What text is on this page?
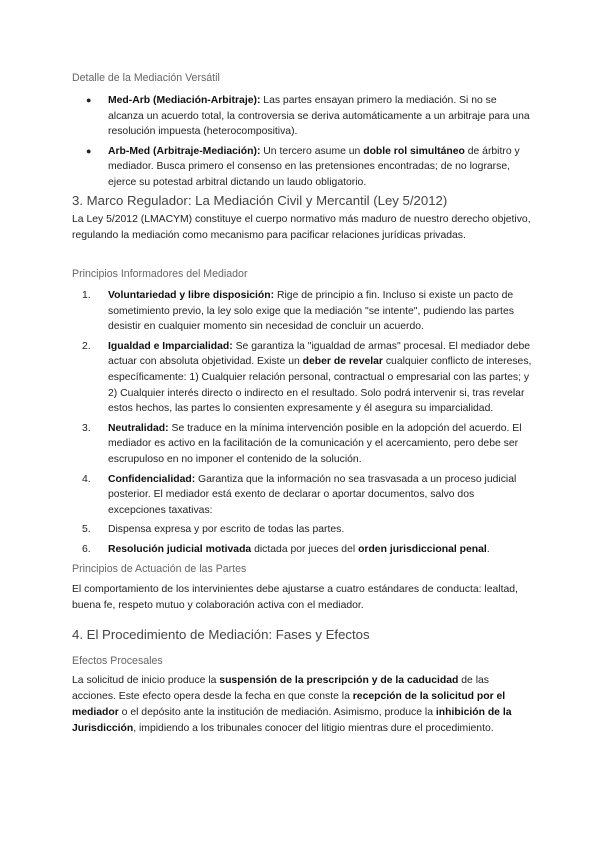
Detalle de la Mediación Versátil
● Med-Arb (Mediación-Arbitraje): Las partes ensayan primero la mediación. Si no se alcanza un acuerdo total, la controversia se deriva automáticamente a un arbitraje para una resolución impuesta (heterocompositiva).
● Arb-Med (Arbitraje-Mediación): Un tercero asume un doble rol simultáneo de árbitro y mediador. Busca primero el consenso en las pretensiones encontradas; de no lograrse, ejerce su potestad arbitral dictando un laudo obligatorio.
3. Marco Regulador: La Mediación Civil y Mercantil (Ley 5/2012)
La Ley 5/2012 (LMACYM) constituye el cuerpo normativo más maduro de nuestro derecho objetivo, regulando la mediación como mecanismo para pacificar relaciones jurídicas privadas.
Principios Informadores del Mediador
1. Voluntariedad y libre disposición: Rige de principio a fin. Incluso si existe un pacto de sometimiento previo, la ley solo exige que la mediación "se intente", pudiendo las partes desistir en cualquier momento sin necesidad de concluir un acuerdo.
2. Igualdad e Imparcialidad: Se garantiza la "igualdad de armas" procesal. El mediador debe actuar con absoluta objetividad. Existe un deber de revelar cualquier conflicto de intereses, específicamente: 1) Cualquier relación personal, contractual o empresarial con las partes; y 2) Cualquier interés directo o indirecto en el resultado. Solo podrá intervenir si, tras revelar estos hechos, las partes lo consienten expresamente y él asegura su imparcialidad.
3. Neutralidad: Se traduce en la mínima intervención posible en la adopción del acuerdo. El mediador es activo en la facilitación de la comunicación y el acercamiento, pero debe ser escrupuloso en no imponer el contenido de la solución.
4. Confidencialidad: Garantiza que la información no sea trasvasada a un proceso judicial posterior. El mediador está exento de declarar o aportar documentos, salvo dos excepciones taxativas:
5. Dispensa expresa y por escrito de todas las partes.
6. Resolución judicial motivada dictada por jueces del orden jurisdiccional penal.
Principios de Actuación de las Partes
El comportamiento de los intervinientes debe ajustarse a cuatro estándares de conducta: lealtad, buena fe, respeto mutuo y colaboración activa con el mediador.
4. El Procedimiento de Mediación: Fases y Efectos
Efectos Procesales
La solicitud de inicio produce la suspensión de la prescripción y de la caducidad de las acciones. Este efecto opera desde la fecha en que conste la recepción de la solicitud por el mediador o el depósito ante la institución de mediación. Asimismo, produce la inhibición de la Jurisdicción, impidiendo a los tribunales conocer del litigio mientras dure el procedimiento.
